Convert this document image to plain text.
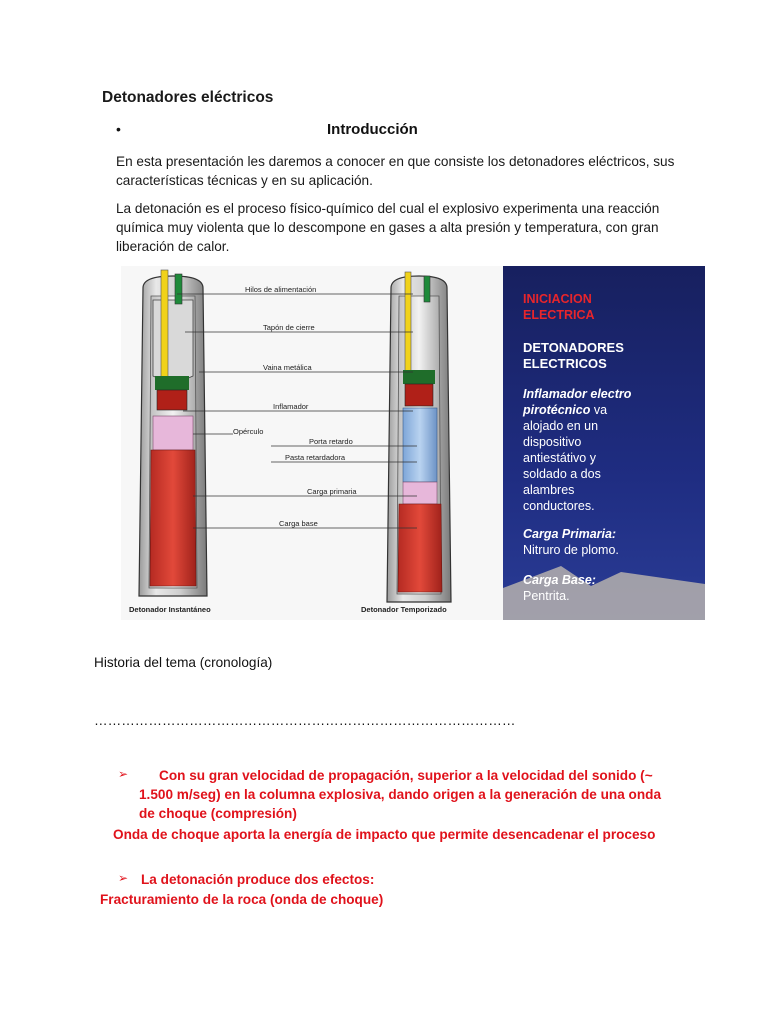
Detonadores eléctricos
•	Introducción
En esta presentación les daremos a conocer en que consiste los detonadores eléctricos, sus características técnicas y en su aplicación.
La detonación es el proceso físico-químico del cual el explosivo experimenta una reacción química muy violenta que lo descompone en gases a alta presión y temperatura, con gran liberación de calor.
Hilos de alimentación
Tapón de cierre
Vaina metálica
Inflamador
Opérculo
Porta retardo
Pasta retardadora
Carga primaria
Carga base
Detonador Instantáneo	Detonador Temporizado
INICIACION
ELECTRICA
DETONADORES
ELECTRICOS
Inflamador electro
pirotécnico va
alojado en un
dispositivo
antiestátivo y
soldado a dos
alambres
conductores.
Carga Primaria:
Nitruro de plomo.
Carga Base:
Pentrita.
Historia del tema (cronología)
…………………………………………………………………………………
➢	Con su gran velocidad de propagación, superior a la velocidad del sonido (~ 1.500 m/seg) en la columna explosiva, dando origen a la generación de una onda de choque (compresión)
Onda de choque aporta la energía de impacto que permite desencadenar el proceso
➢ La detonación produce dos efectos:
Fracturamiento de la roca (onda de choque)
